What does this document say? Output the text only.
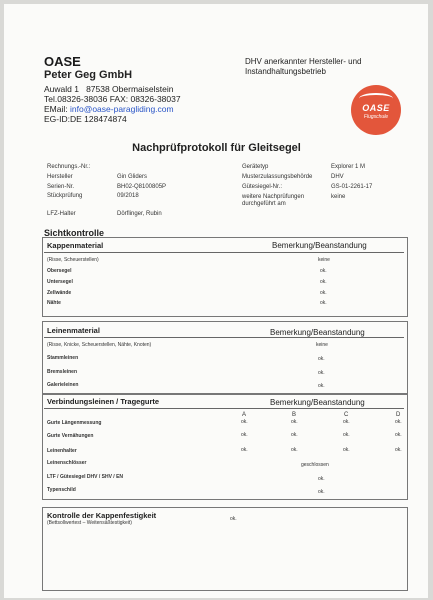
OASE
Peter Geg GmbH
Auwald 1 87538 Obermaiselstein
Tel.08326-38036 FAX: 08326-38037
EMail: info@oase-paragliding.com
EG-ID:DE 128474874
DHV anerkannter Hersteller- und
Instandhaltungsbetrieb
OASE
Flugschule
Nachprüfprotokoll für Gleitsegel
Rechnungs.-Nr.:
Hersteller	Gin Gliders
Serien-Nr.	BH02-Q8100805P
Stückprüfung	09/2018
LFZ-Halter	Dörflinger, Rubin
Gerätetyp	Explorer 1 M
Musterzulassungsbehörde	DHV
Gütesiegel-Nr.:	GS-01-2261-17
weitere Nachprüfungen
durchgeführt am
keine
Sichtkontrolle
Kappenmaterial	Bemerkung/Beanstandung
(Risse, Scheuerstellen)	keine
Obersegel	ok.
Untersegel	ok.
Zellwände	ok.
Nähte	ok.
Leinenmaterial	Bemerkung/Beanstandung
(Risse, Knicke, Scheuerstellen, Nähte, Knoten)	keine
Stammleinen	ok.
Bremsleinen	ok.
Galerieleinen	ok.
Verbindungsleinen / Tragegurte	Bemerkung/Beanstandung
A	B	C	D
Gurte Längenmessung	ok.	ok.	ok.	ok.
Gurte Vernähungen	ok.	ok.	ok.	ok.
Leinenhalter	ok.	ok.	ok.	ok.
Leinenschlösser	geschlossen
LTF / Gütesiegel DHV / SHV / EN	ok.
Typenschild	ok.
Kontrolle der Kappenfestigkeit
(Bettsollwertest – Weitensäßtestigkeit)
ok.
